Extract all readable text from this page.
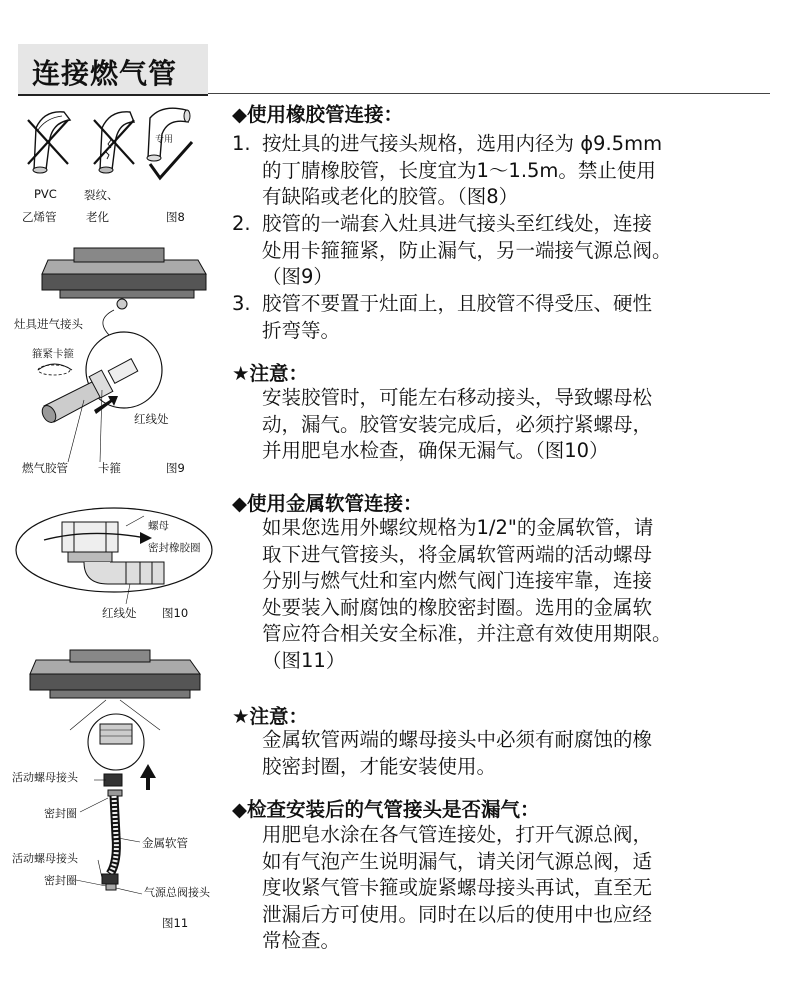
连接燃气管
专用
PVC
乙烯管
裂纹、
老化	图8
灶具进气接头
箍紧卡箍
红线处
燃气胶管	卡箍	图9
螺母
密封橡胶圈
红线处 图10
活动螺母接头
密封圈
金属软管
活动螺母接头
密封圈
气源总阀接头
图11
◆使用橡胶管连接：
1. 按灶具的进气接头规格，选用内径为 ϕ9.5mm
的丁腈橡胶管，长度宜为1～1.5m。禁止使用
有缺陷或老化的胶管。（图8）
2. 胶管的一端套入灶具进气接头至红线处，连接
处用卡箍箍紧，防止漏气，另一端接气源总阀。
（图9）
3. 胶管不要置于灶面上，且胶管不得受压、硬性
折弯等。
★注意：
安装胶管时，可能左右移动接头，导致螺母松
动，漏气。胶管安装完成后，必须拧紧螺母，
并用肥皂水检查，确保无漏气。（图10）
◆使用金属软管连接：
如果您选用外螺纹规格为1/2"的金属软管，请
取下进气管接头，将金属软管两端的活动螺母
分别与燃气灶和室内燃气阀门连接牢靠，连接
处要装入耐腐蚀的橡胶密封圈。选用的金属软
管应符合相关安全标准，并注意有效使用期限。
（图11）
★注意：
金属软管两端的螺母接头中必须有耐腐蚀的橡
胶密封圈，才能安装使用。
◆检查安装后的气管接头是否漏气：
用肥皂水涂在各气管连接处，打开气源总阀，
如有气泡产生说明漏气，请关闭气源总阀，适
度收紧气管卡箍或旋紧螺母接头再试，直至无
泄漏后方可使用。同时在以后的使用中也应经
常检查。
